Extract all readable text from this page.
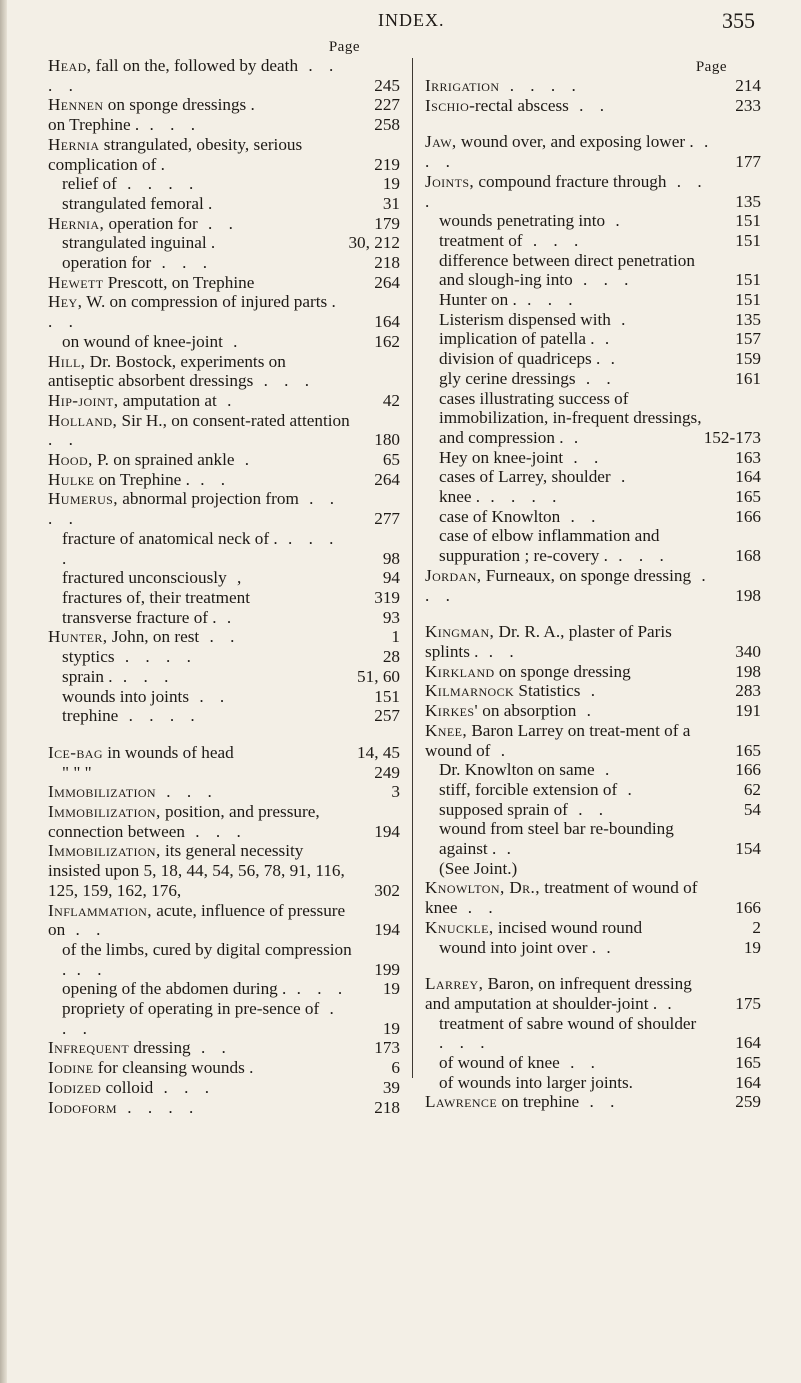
INDEX.	355
Page
Head, fall on the, followed by death . . . .	245
Hennen on sponge dressings .	227
on Trephine . . . .	258
Hernia strangulated, obesity, serious complication of .	219
relief of . . . .	19
strangulated femoral .	31
Hernia, operation for . .	179
strangulated inguinal .	30, 212
operation for . . .	218
Hewett Prescott, on Trephine	264
Hey, W. on compression of injured parts . . .	164
on wound of knee-joint .	162
Hill, Dr. Bostock, experiments on antiseptic absorbent dressings . . .
Hip-joint, amputation at .	42
Holland, Sir H., on consent-rated attention . .	180
Hood, P. on sprained ankle .	65
Hulke on Trephine . . .	264
Humerus, abnormal projection from . . . .	277
fracture of anatomical neck of . . . . .	98
fractured unconsciously ,	94
fractures of, their treatment	319
transverse fracture of . .	93
Hunter, John, on rest . .	1
styptics . . . .	28
sprain . . . .	51, 60
wounds into joints . .	151
trephine . . . .	257
Ice-bag in wounds of head	14, 45
" " "	249
Immobilization . . .	3
Immobilization, position, and pressure, connection between . . .	194
Immobilization, its general necessity insisted upon 5, 18, 44, 54, 56, 78, 91, 116, 125, 159, 162, 176,	302
Inflammation, acute, influence of pressure on . .	194
of the limbs, cured by digital compression . . .	199
opening of the abdomen during . . . . 19
propriety of operating in pre-sence of . . .	19
Infrequent dressing . .	173
Iodine for cleansing wounds .	6
Iodized colloid . . .	39
Iodoform . . . .	218
Page
Irrigation . . . .	214
Ischio-rectal abscess . .	233
Jaw, wound over, and exposing lower . . . .	177
Joints, compound fracture through . . .	135
wounds penetrating into .	151
treatment of . . .	151
difference between direct penetration and slough-ing into . . .	151
Hunter on . . . .	151
Listerism dispensed with .	135
implication of patella . .	157
division of quadriceps . .	159
gly cerine dressings . .	161
cases illustrating success of immobilization, in-frequent dressings, and compression . .	152-173
Hey on knee-joint . .	163
cases of Larrey, shoulder .	164
knee . . . . .	165
case of Knowlton . .	166
case of elbow inflammation and suppuration ; re-covery . . . .	168
Jordan, Furneaux, on sponge dressing . . .	198
Kingman, Dr. R. A., plaster of Paris splints . . .	340
Kirkland on sponge dressing	198
Kilmarnock Statistics .	283
Kirkes' on absorption .	191
Knee, Baron Larrey on treat-ment of a wound of .	165
Dr. Knowlton on same .	166
stiff, forcible extension of .	62
supposed sprain of . .	54
wound from steel bar re-bounding against . .	154
(See Joint.)
Knowlton, Dr., treatment of wound of knee . .	166
Knuckle, incised wound round	2
wound into joint over . .	19
Larrey, Baron, on infrequent dressing and amputation at shoulder-joint . .	175
treatment of sabre wound of shoulder . . .	164
of wound of knee . .	165
of wounds into larger joints.	164
Lawrence on trephine . .	259
